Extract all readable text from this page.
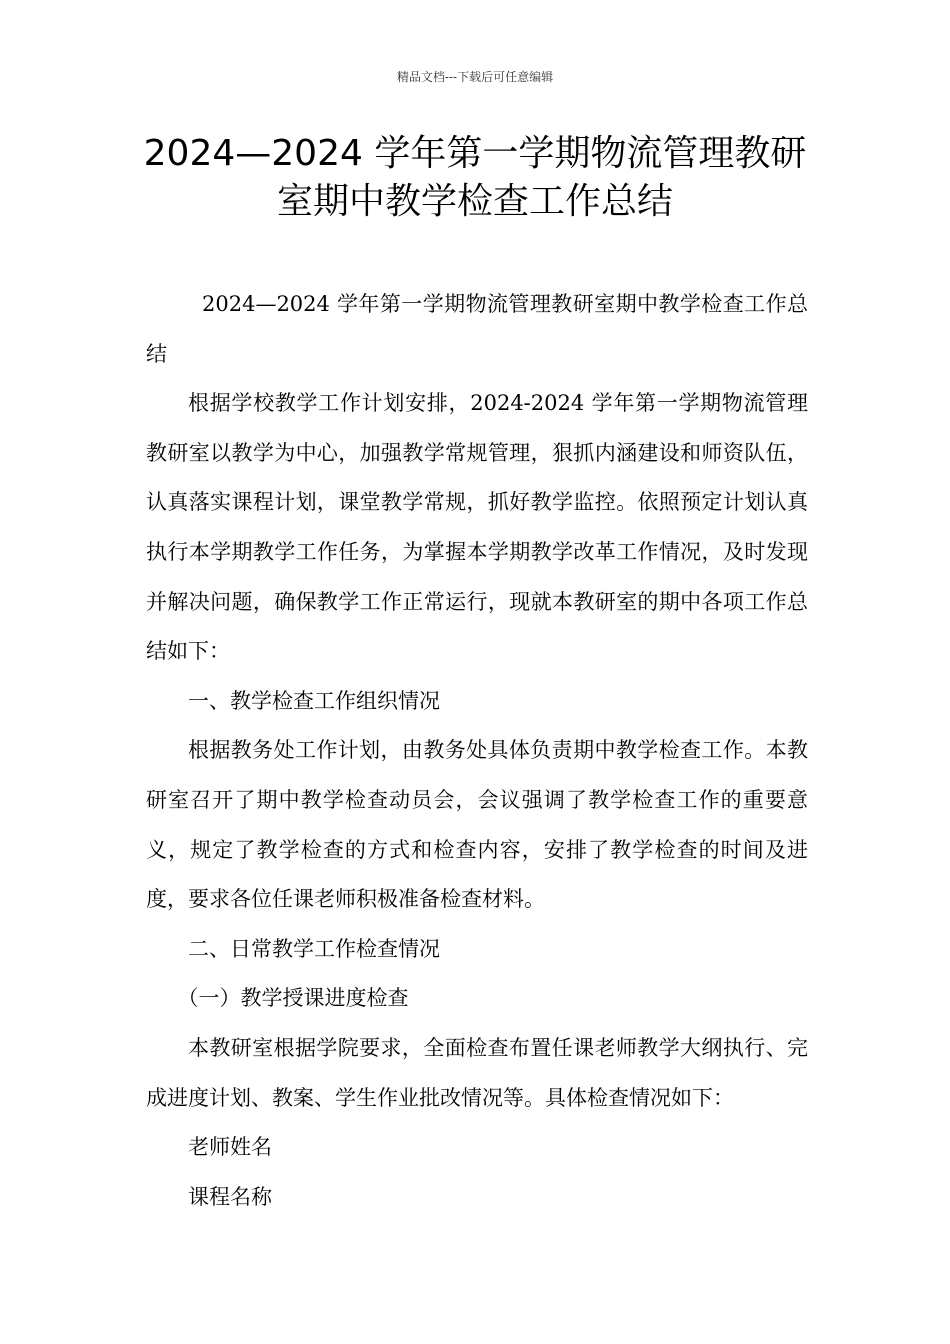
精品文档---下载后可任意编辑
2024—2024 学年第一学期物流管理教研
室期中教学检查工作总结

2024—2024 学年第一学期物流管理教研室期中教学检查工作总结

根据学校教学工作计划安排，2024-2024 学年第一学期物流管理教研室以教学为中心，加强教学常规管理，狠抓内涵建设和师资队伍，认真落实课程计划，课堂教学常规，抓好教学监控。依照预定计划认真执行本学期教学工作任务，为掌握本学期教学改革工作情况，及时发现并解决问题，确保教学工作正常运行，现就本教研室的期中各项工作总结如下：

一、教学检查工作组织情况

根据教务处工作计划，由教务处具体负责期中教学检查工作。本教研室召开了期中教学检查动员会，会议强调了教学检查工作的重要意义，规定了教学检查的方式和检查内容，安排了教学检查的时间及进度，要求各位任课老师积极准备检查材料。

二、日常教学工作检查情况

（一）教学授课进度检查

本教研室根据学院要求，全面检查布置任课老师教学大纲执行、完成进度计划、教案、学生作业批改情况等。具体检查情况如下：

老师姓名

课程名称
